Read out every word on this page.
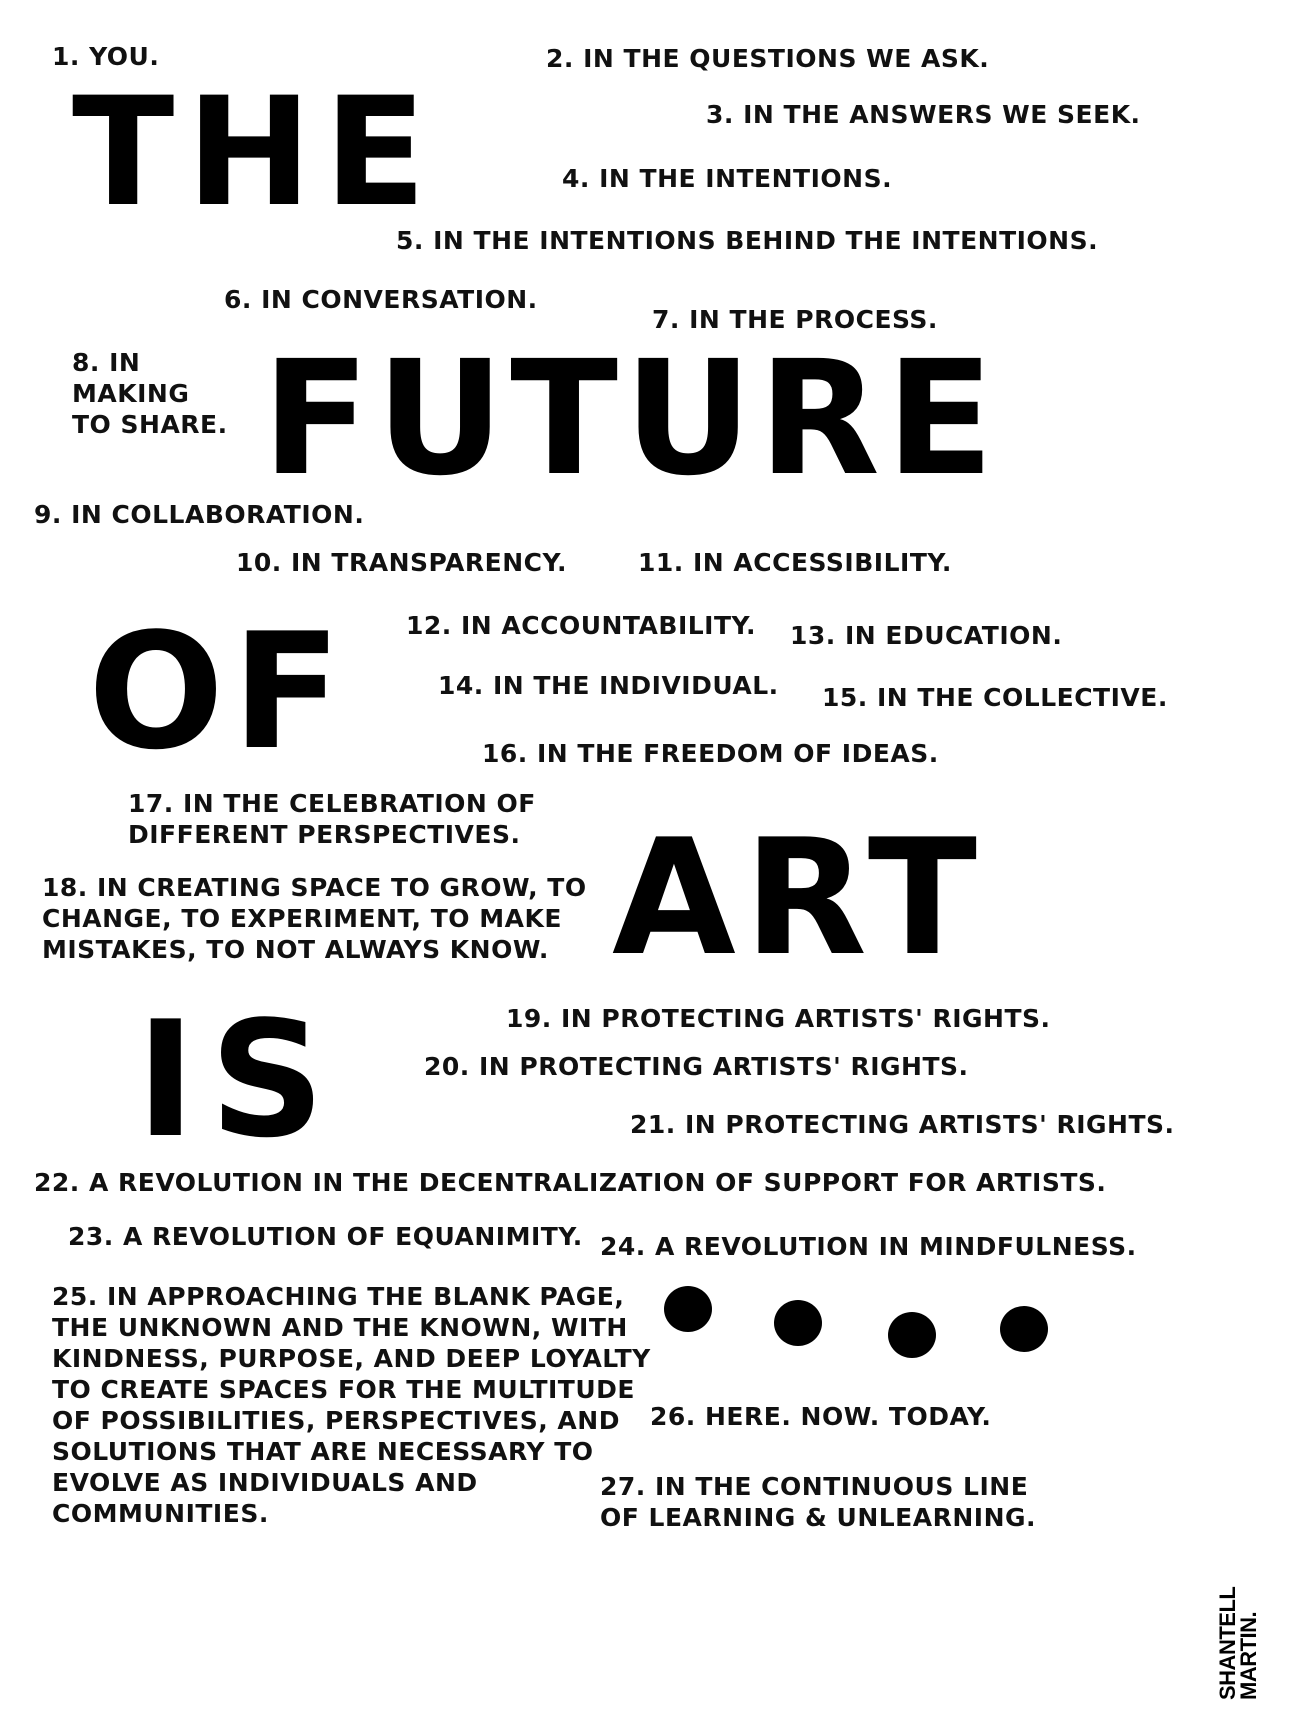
THE
FUTURE
OF
ART
IS
1. YOU.	2. IN THE QUESTIONS WE ASK.
3. IN THE ANSWERS WE SEEK.
4. IN THE INTENTIONS.
5. IN THE INTENTIONS BEHIND THE INTENTIONS.
6. IN CONVERSATION.
7. IN THE PROCESS.
8. IN
MAKING
TO SHARE.
9. IN COLLABORATION.
10. IN TRANSPARENCY.	11. IN ACCESSIBILITY.
12. IN ACCOUNTABILITY. 13. IN EDUCATION.
14. IN THE INDIVIDUAL. 15. IN THE COLLECTIVE.
16. IN THE FREEDOM OF IDEAS.
17. IN THE CELEBRATION OF
DIFFERENT PERSPECTIVES.
18. IN CREATING SPACE TO GROW, TO
CHANGE, TO EXPERIMENT, TO MAKE
MISTAKES, TO NOT ALWAYS KNOW.
19. IN PROTECTING ARTISTS' RIGHTS.
20. IN PROTECTING ARTISTS' RIGHTS.
21. IN PROTECTING ARTISTS' RIGHTS.
22. A REVOLUTION IN THE DECENTRALIZATION OF SUPPORT FOR ARTISTS.
23. A REVOLUTION OF EQUANIMITY. 24. A REVOLUTION IN MINDFULNESS.
25. IN APPROACHING THE BLANK PAGE,
THE UNKNOWN AND THE KNOWN, WITH
KINDNESS, PURPOSE, AND DEEP LOYALTY
TO CREATE SPACES FOR THE MULTITUDE
OF POSSIBILITIES, PERSPECTIVES, AND
SOLUTIONS THAT ARE NECESSARY TO
EVOLVE AS INDIVIDUALS AND
COMMUNITIES.
26. HERE. NOW. TODAY.
27. IN THE CONTINUOUS LINE
OF LEARNING & UNLEARNING.
SHANTELL
MARTIN.
